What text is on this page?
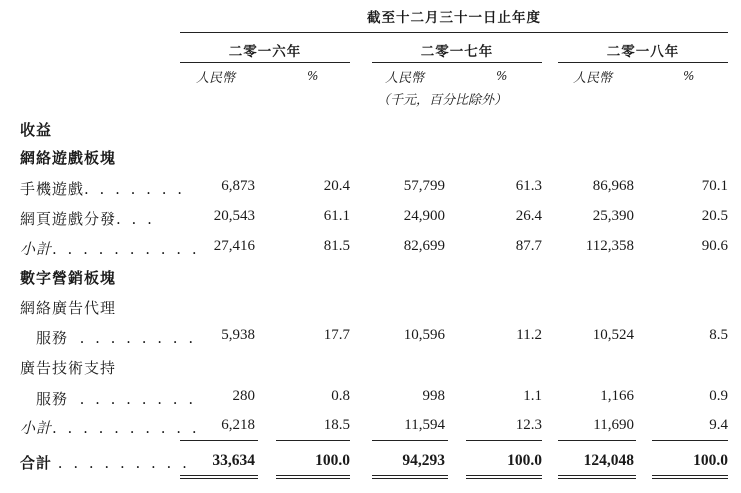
截至十二月三十一日止年度
二零一六年	二零一七年	二零一八年
人民幣	%	人民幣	%	人民幣	%
（千元，百分比除外）
收益
網絡遊戲板塊
手機遊戲. . . . . . .	6,873	20.4	57,799	61.3	86,968	70.1
網頁遊戲分發. . .	20,543	61.1	24,900	26.4	25,390	20.5
小計. . . . . . . . . . 27,416	81.5	82,699	87.7	112,358	90.6
數字營銷板塊
網絡廣告代理
服務 . . . . . . . .	5,938	17.7	10,596	11.2	10,524	8.5
廣告技術支持
服務 . . . . . . . .	280	0.8	998	1.1	1,166	0.9
小計. . . . . . . . . .	6,218	18.5	11,594	12.3	11,690	9.4
合計 . . . . . . . . .	33,634	100.0	94,293	100.0	124,048	100.0
